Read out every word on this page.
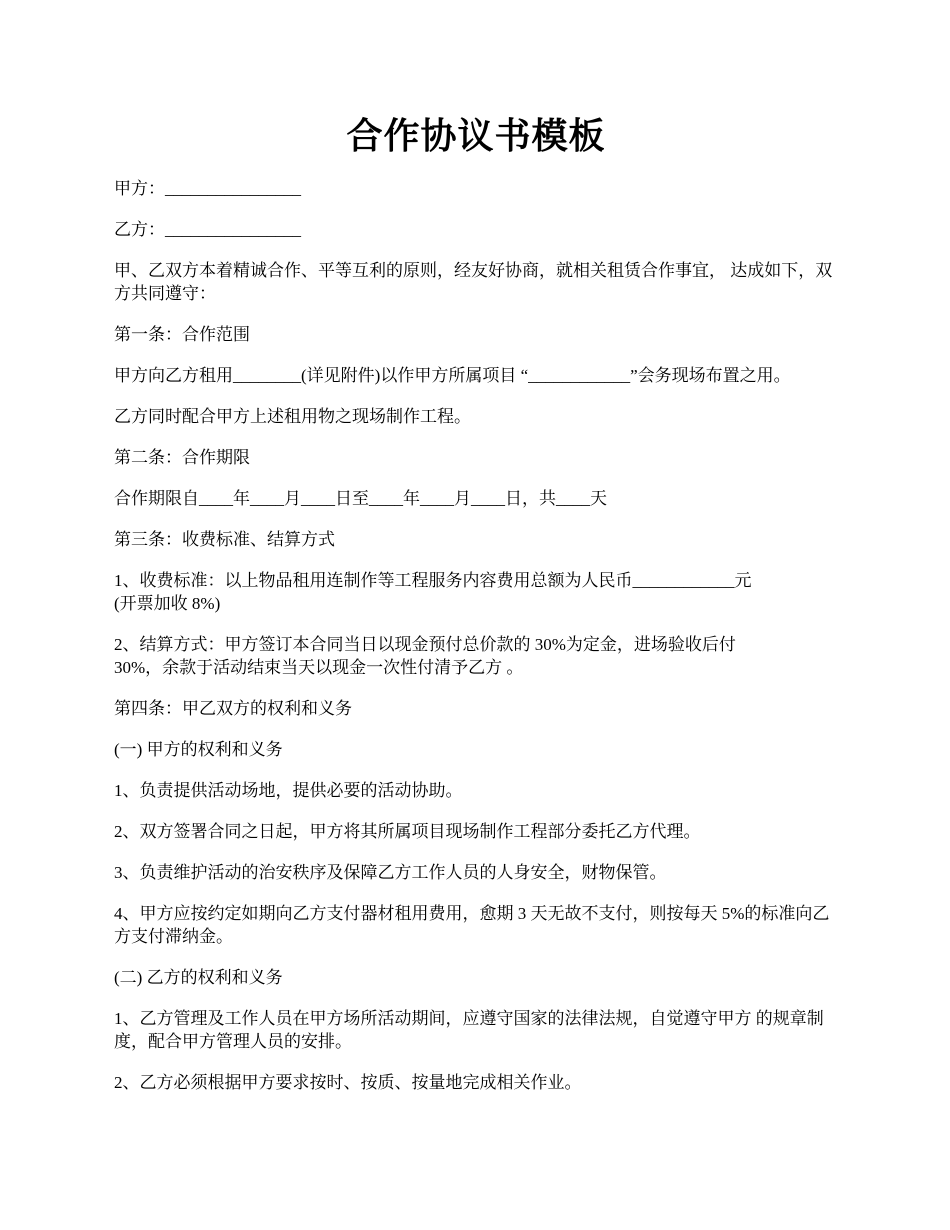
合作协议书模板

甲方：________________

乙方：________________

甲、乙双方本着精诚合作、平等互利的原则，经友好协商，就相关租赁合作事宜， 达成如下，双方共同遵守：

第一条：合作范围

甲方向乙方租用________(详见附件)以作甲方所属项目 “____________”会务现场布置之用。

乙方同时配合甲方上述租用物之现场制作工程。

第二条：合作期限

合作期限自____年____月____日至____年____月____日，共____天

第三条：收费标准、结算方式

1、收费标准：以上物品租用连制作等工程服务内容费用总额为人民币____________元
(开票加收 8%)

2、结算方式：甲方签订本合同当日以现金预付总价款的 30%为定金，进场验收后付
30%，余款于活动结束当天以现金一次性付清予乙方 。

第四条：甲乙双方的权利和义务

(一) 甲方的权利和义务

1、负责提供活动场地，提供必要的活动协助。

2、双方签署合同之日起，甲方将其所属项目现场制作工程部分委托乙方代理。

3、负责维护活动的治安秩序及保障乙方工作人员的人身安全，财物保管。

4、甲方应按约定如期向乙方支付器材租用费用，愈期 3 天无故不支付，则按每天 5%的标准向乙方支付滞纳金。

(二) 乙方的权利和义务

1、乙方管理及工作人员在甲方场所活动期间，应遵守国家的法律法规，自觉遵守甲方 的规章制度，配合甲方管理人员的安排。

2、乙方必须根据甲方要求按时、按质、按量地完成相关作业。
